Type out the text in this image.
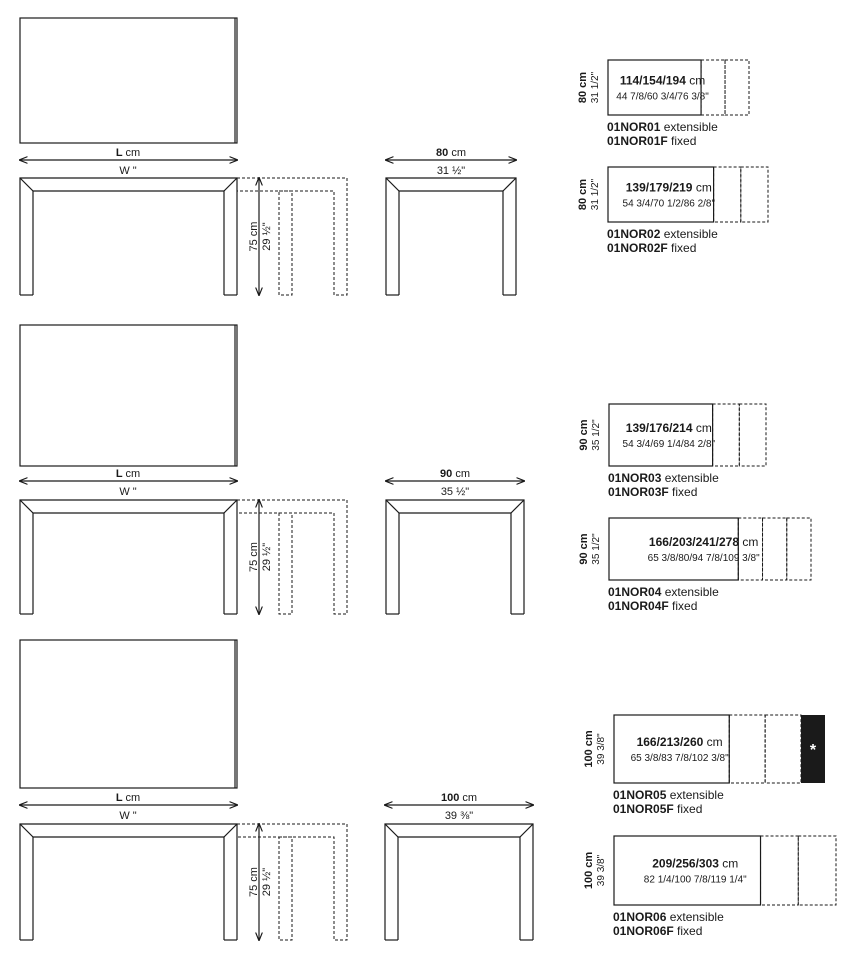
L cm
W "
75 cm 29 ½"
80 cm
31 ½"
114/154/194 cm
44 7/8/60 3/4/76 3/8"
80 cm 31 1/2"
01NOR01 extensible
01NOR01F fixed
139/179/219 cm
54 3/4/70 1/2/86 2/8"
80 cm 31 1/2"
01NOR02 extensible
01NOR02F fixed
L cm
W "
75 cm 29 ½"
90 cm
35 ½"
139/176/214 cm
54 3/4/69 1/4/84 2/8"
90 cm 35 1/2"
01NOR03 extensible
01NOR03F fixed
166/203/241/278 cm
65 3/8/80/94 7/8/109 3/8"
90 cm 35 1/2"
01NOR04 extensible
01NOR04F fixed
L cm
W "
75 cm 29 ½"
100 cm
39 ⅜"
*
166/213/260 cm
65 3/8/83 7/8/102 3/8"
100 cm 39 3/8"
01NOR05 extensible
01NOR05F fixed
209/256/303 cm
82 1/4/100 7/8/119 1/4"
100 cm 39 3/8"
01NOR06 extensible
01NOR06F fixed
